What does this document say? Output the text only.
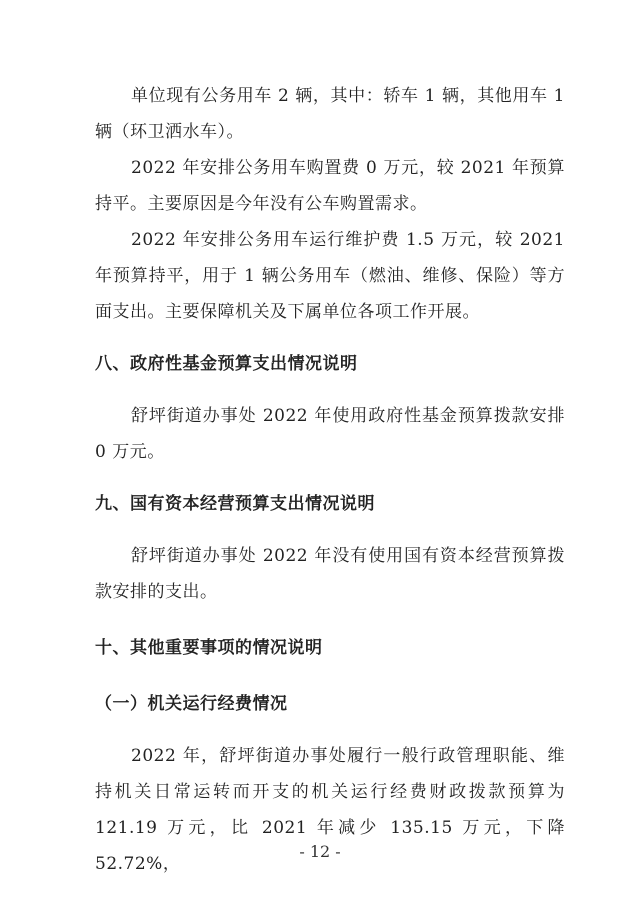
单位现有公务用车 2 辆，其中：轿车 1 辆，其他用车 1 辆（环卫洒水车）。

2022 年安排公务用车购置费 0 万元，较 2021 年预算持平。主要原因是今年没有公车购置需求。

2022 年安排公务用车运行维护费 1.5 万元，较 2021 年预算持平，用于 1 辆公务用车（燃油、维修、保险）等方面支出。主要保障机关及下属单位各项工作开展。

八、政府性基金预算支出情况说明

舒坪街道办事处 2022 年使用政府性基金预算拨款安排 0 万元。

九、国有资本经营预算支出情况说明

舒坪街道办事处 2022 年没有使用国有资本经营预算拨款安排的支出。

十、其他重要事项的情况说明
（一）机关运行经费情况

2022 年，舒坪街道办事处履行一般行政管理职能、维持机关日常运转而开支的机关运行经费财政拨款预算为 121.19 万元，比 2021 年减少 135.15 万元，下降 52.72%，

- 12 -
